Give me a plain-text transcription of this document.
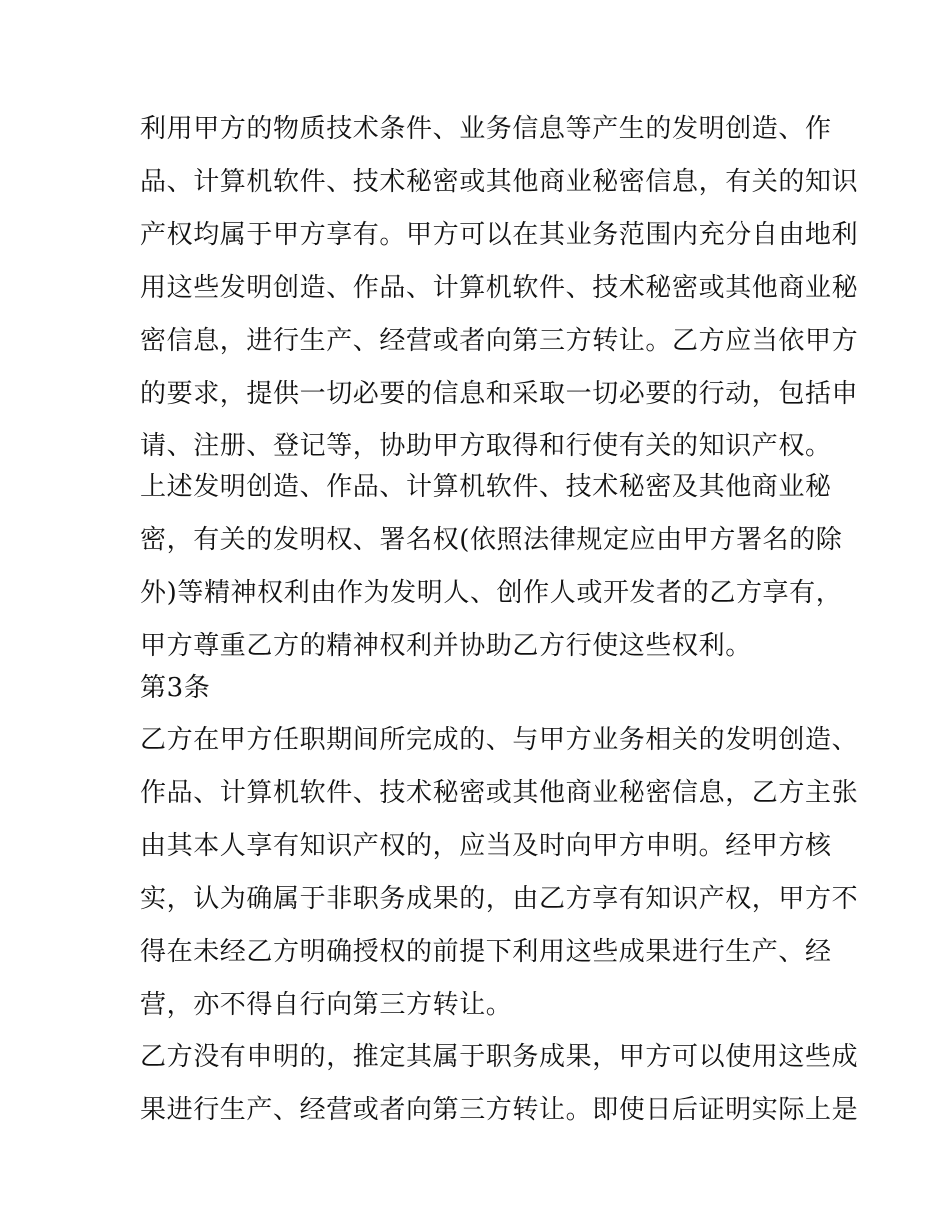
利用甲方的物质技术条件、业务信息等产生的发明创造、作
品、计算机软件、技术秘密或其他商业秘密信息，有关的知识
产权均属于甲方享有。甲方可以在其业务范围内充分自由地利
用这些发明创造、作品、计算机软件、技术秘密或其他商业秘
密信息，进行生产、经营或者向第三方转让。乙方应当依甲方
的要求，提供一切必要的信息和采取一切必要的行动，包括申
请、注册、登记等，协助甲方取得和行使有关的知识产权。
上述发明创造、作品、计算机软件、技术秘密及其他商业秘
密，有关的发明权、署名权(依照法律规定应由甲方署名的除
外)等精神权利由作为发明人、创作人或开发者的乙方享有，
甲方尊重乙方的精神权利并协助乙方行使这些权利。
第3条
乙方在甲方任职期间所完成的、与甲方业务相关的发明创造、
作品、计算机软件、技术秘密或其他商业秘密信息，乙方主张
由其本人享有知识产权的，应当及时向甲方申明。经甲方核
实，认为确属于非职务成果的，由乙方享有知识产权，甲方不
得在未经乙方明确授权的前提下利用这些成果进行生产、经
营，亦不得自行向第三方转让。
乙方没有申明的，推定其属于职务成果，甲方可以使用这些成
果进行生产、经营或者向第三方转让。即使日后证明实际上是
